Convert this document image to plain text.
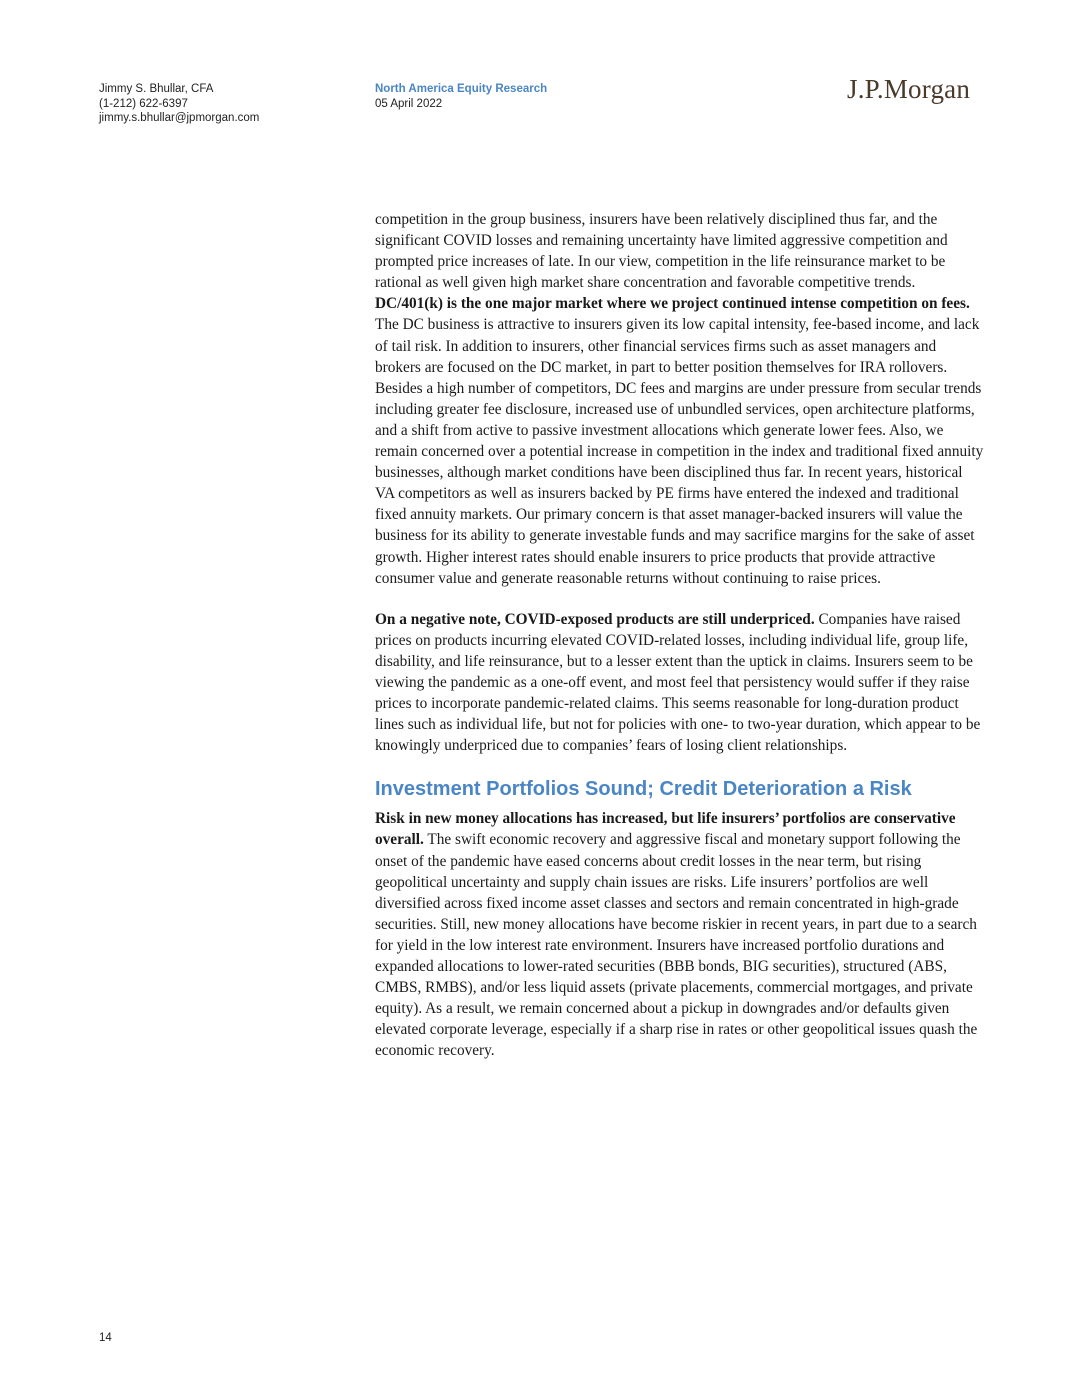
Jimmy S. Bhullar, CFA
(1-212) 622-6397
jimmy.s.bhullar@jpmorgan.com
North America Equity Research
05 April 2022	J.P.Morgan

competition in the group business, insurers have been relatively disciplined thus far, and the significant COVID losses and remaining uncertainty have limited aggressive competition and prompted price increases of late. In our view, competition in the life reinsurance market to be rational as well given high market share concentration and favorable competitive trends. DC/401(k) is the one major market where we project continued intense competition on fees. The DC business is attractive to insurers given its low capital intensity, fee-based income, and lack of tail risk. In addition to insurers, other financial services firms such as asset managers and brokers are focused on the DC market, in part to better position themselves for IRA rollovers. Besides a high number of competitors, DC fees and margins are under pressure from secular trends including greater fee disclosure, increased use of unbundled services, open architecture platforms, and a shift from active to passive investment allocations which generate lower fees. Also, we remain concerned over a potential increase in competition in the index and traditional fixed annuity businesses, although market conditions have been disciplined thus far. In recent years, historical VA competitors as well as insurers backed by PE firms have entered the indexed and traditional fixed annuity markets. Our primary concern is that asset manager-backed insurers will value the business for its ability to generate investable funds and may sacrifice margins for the sake of asset growth. Higher interest rates should enable insurers to price products that provide attractive consumer value and generate reasonable returns without continuing to raise prices.

On a negative note, COVID-exposed products are still underpriced. Companies have raised prices on products incurring elevated COVID-related losses, including individual life, group life, disability, and life reinsurance, but to a lesser extent than the uptick in claims. Insurers seem to be viewing the pandemic as a one-off event, and most feel that persistency would suffer if they raise prices to incorporate pandemic-related claims. This seems reasonable for long-duration product lines such as individual life, but not for policies with one- to two-year duration, which appear to be knowingly underpriced due to companies’ fears of losing client relationships.

Investment Portfolios Sound; Credit Deterioration a Risk

Risk in new money allocations has increased, but life insurers’ portfolios are conservative overall. The swift economic recovery and aggressive fiscal and monetary support following the onset of the pandemic have eased concerns about credit losses in the near term, but rising geopolitical uncertainty and supply chain issues are risks. Life insurers’ portfolios are well diversified across fixed income asset classes and sectors and remain concentrated in high-grade securities. Still, new money allocations have become riskier in recent years, in part due to a search for yield in the low interest rate environment. Insurers have increased portfolio durations and expanded allocations to lower-rated securities (BBB bonds, BIG securities), structured (ABS, CMBS, RMBS), and/or less liquid assets (private placements, commercial mortgages, and private equity). As a result, we remain concerned about a pickup in downgrades and/or defaults given elevated corporate leverage, especially if a sharp rise in rates or other geopolitical issues quash the economic recovery.

14
